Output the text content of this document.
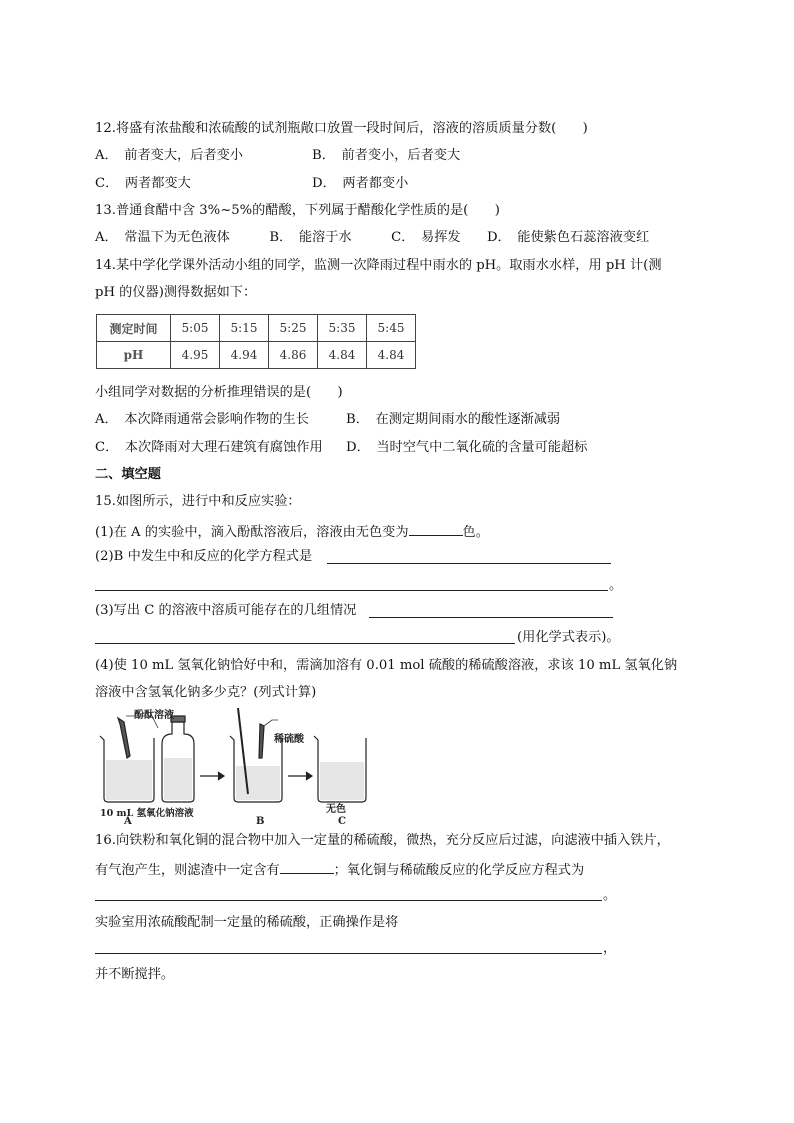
12.将盛有浓盐酸和浓硫酸的试剂瓶敞口放置一段时间后，溶液的溶质质量分数(　　)
A．　前者变大，后者变小	B．　前者变小，后者变大
C．　两者都变大	D．　两者都变小
13.普通食醋中含 3%~5%的醋酸，下列属于醋酸化学性质的是(　　)
A．　常温下为无色液体　　　B．　能溶于水　　　C．　易挥发　　D．　能使紫色石蕊溶液变红
14.某中学化学课外活动小组的同学，监测一次降雨过程中雨水的 pH。取雨水水样，用 pH 计(测
pH 的仪器)测得数据如下：
测定时间	5:05	5:15	5:25	5:35	5:45
pH	4.95	4.94	4.86	4.84	4.84
小组同学对数据的分析推理错误的是(　　)
A．　本次降雨通常会影响作物的生长	B．　在测定期间雨水的酸性逐渐减弱
C．　本次降雨对大理石建筑有腐蚀作用 D．　当时空气中二氧化硫的含量可能超标
二、填空题
15.如图所示，进行中和反应实验：
(1)在 A 的实验中，滴入酚酞溶液后，溶液由无色变为	色。
(2)B 中发生中和反应的化学方程式是
。
(3)写出 C 的溶液中溶质可能存在的几组情况
(用化学式表示)。
(4)使 10 mL 氢氧化钠恰好中和，需滴加溶有 0.01 mol 硫酸的稀硫酸溶液，求该 10 mL 氢氧化钠
溶液中含氢氧化钠多少克？(列式计算)
酚酞溶液
稀硫酸
10 mL 氢氧化钠溶液	无色
A	B	C
16.向铁粉和氧化铜的混合物中加入一定量的稀硫酸，微热，充分反应后过滤，向滤液中插入铁片，
有气泡产生，则滤渣中一定含有	；氧化铜与稀硫酸反应的化学反应方程式为
。
实验室用浓硫酸配制一定量的稀硫酸，正确操作是将
，
并不断搅拌。
